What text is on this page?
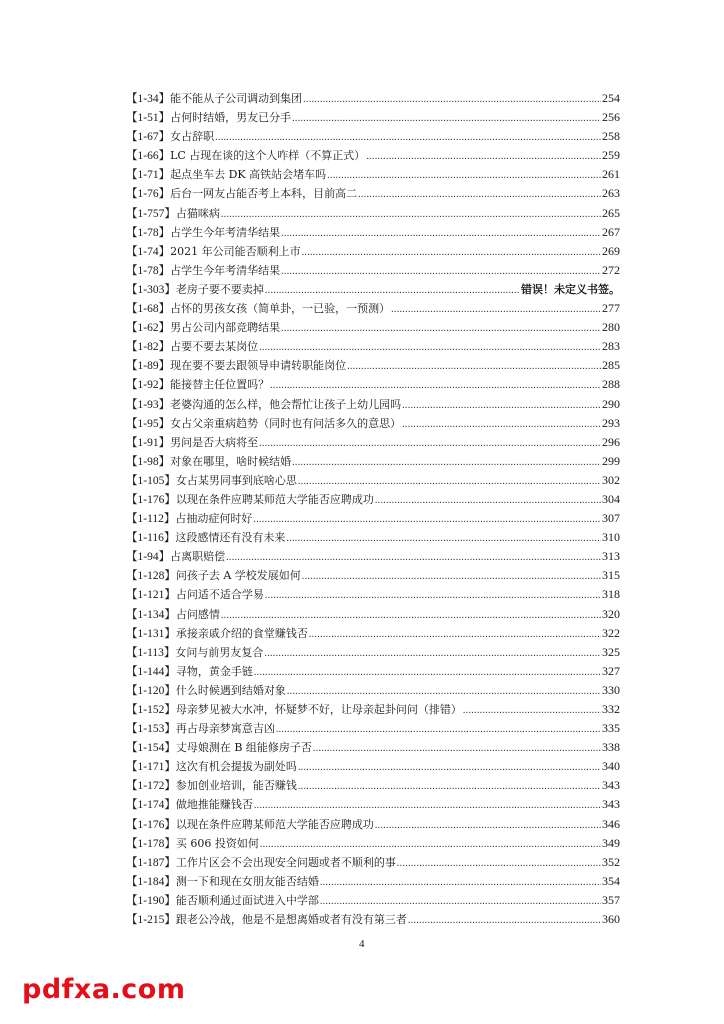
【1-34】 能不能从子公司调动到集团 .....	254
【1-51】 占何时结婚，男友已分手 .....	256
【1-67】 女占辞职 .....	258
【1-66】 LC 占现在谈的这个人咋样（不算正式） .....	259
【1-71】 起点坐车去 DK 高铁站会堵车吗 .....	261
【1-76】 后台一网友占能否考上本科，目前高二 .....	263
【1-757】 占猫咪病 .....	265
【1-78】 占学生今年考清华结果 .....	267
【1-74】 2021 年公司能否顺利上市 .....	269
【1-78】 占学生今年考清华结果 .....	272
【1-303】 老房子要不要卖掉 .....	错误！未定义书签。
【1-68】 占怀的男孩女孩（简单卦，一已验，一预测） .....	277
【1-62】 男占公司内部竞聘结果 .....	280
【1-82】 占要不要去某岗位 .....	283
【1-89】 现在要不要去跟领导申请转职能岗位 .....	285
【1-92】 能接替主任位置吗？ .....	288
【1-93】 老婆沟通的怎么样，他会帮忙让孩子上幼儿园吗 .....	290
【1-95】 女占父亲重病趋势（同时也有问活多久的意思） .....	293
【1-91】 男问是否大病将至 .....	296
【1-98】 对象在哪里，啥时候结婚 .....	299
【1-105】 女占某男同事到底啥心思 .....	302
【1-176】 以现在条件应聘某师范大学能否应聘成功 .....	304
【1-112】 占抽动症何时好 .....	307
【1-116】 这段感情还有没有未来 .....	310
【1-94】 占离职赔偿 .....	313
【1-128】 问孩子去 A 学校发展如何 .....	315
【1-121】 占问适不适合学易 .....	318
【1-134】 占问感情 .....	320
【1-131】 承接亲戚介绍的食堂赚钱否 .....	322
【1-113】 女问与前男友复合 .....	325
【1-144】 寻物，黄金手链 .....	327
【1-120】 什么时候遇到结婚对象 .....	330
【1-152】 母亲梦见被大水冲，怀疑梦不好，让母亲起卦问问（排错） .....	332
【1-153】 再占母亲梦寓意吉凶 .....	335
【1-154】 丈母娘测在 B 组能修房子否 .....	338
【1-171】 这次有机会提拔为副处吗 .....	340
【1-172】 参加创业培训，能否赚钱 .....	343
【1-174】 做地推能赚钱否 .....	343
【1-176】 以现在条件应聘某师范大学能否应聘成功 .....	346
【1-178】 买 606 投资如何 .....	349
【1-187】 工作片区会不会出现安全问题或者不顺利的事 .....	352
【1-184】 测一下和现在女朋友能否结婚 .....	354
【1-190】 能否顺利通过面试进入中学部 .....	357
【1-215】 跟老公冷战，他是不是想离婚或者有没有第三者 .....	360
4
pdfxa.com
